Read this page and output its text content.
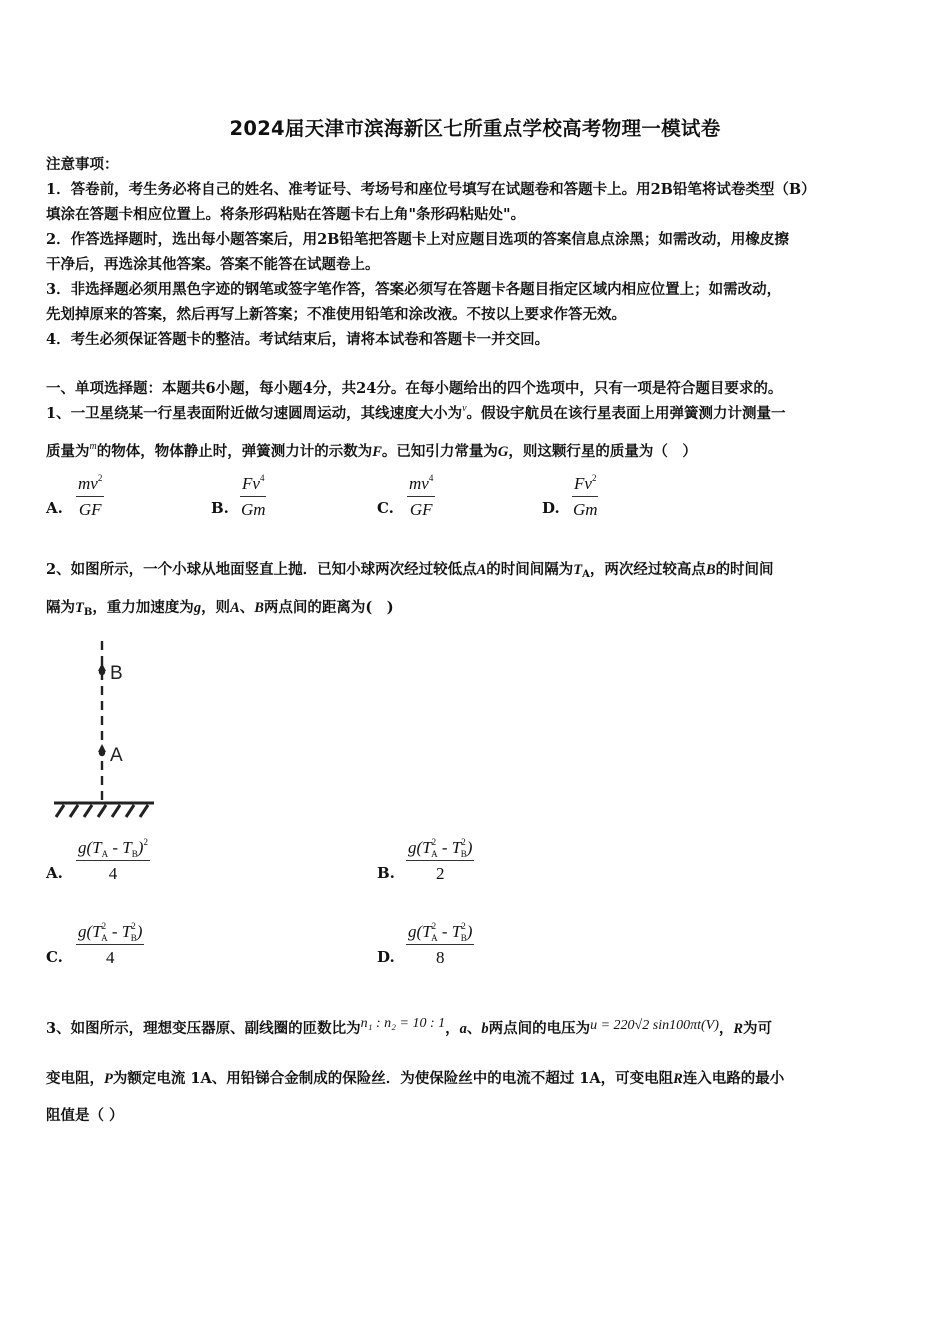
2024届天津市滨海新区七所重点学校高考物理一模试卷
注意事项：
1．答卷前，考生务必将自己的姓名、准考证号、考场号和座位号填写在试题卷和答题卡上。用2B铅笔将试卷类型（B）
填涂在答题卡相应位置上。将条形码粘贴在答题卡右上角"条形码粘贴处"。
2．作答选择题时，选出每小题答案后，用2B铅笔把答题卡上对应题目选项的答案信息点涂黑；如需改动，用橡皮擦
干净后，再选涂其他答案。答案不能答在试题卷上。
3．非选择题必须用黑色字迹的钢笔或签字笔作答，答案必须写在答题卡各题目指定区域内相应位置上；如需改动，
先划掉原来的答案，然后再写上新答案；不准使用铅笔和涂改液。不按以上要求作答无效。
4．考生必须保证答题卡的整洁。考试结束后，请将本试卷和答题卡一并交回。
一、单项选择题：本题共6小题，每小题4分，共24分。在每小题给出的四个选项中，只有一项是符合题目要求的。
1、一卫星绕某一行星表面附近做匀速圆周运动，其线速度大小为$^v$。假设宇航员在该行星表面上用弹簧测力计测量一
质量为$^m$的物体，物体静止时，弹簧测力计的示数为F。已知引力常量为G，则这颗行星的质量为（　）
A. $\frac{mv^2}{GF}$	B. $\frac{Fv^4}{Gm}$	C. $\frac{mv^4}{GF}$	D. $\frac{Fv^2}{Gm}$
2、如图所示，一个小球从地面竖直上抛．已知小球两次经过较低点A的时间间隔为$T_A$，两次经过较高点B的时间间
隔为$T_B$，重力加速度为g，则A、B两点间的距离为(　)
B
A
A. $\frac{g(T_A - T_B)^2}{4}$	B. $\frac{g(T^2_A - T^2_B)}{2}$
C. $\frac{g(T^2_A - T^2_B)}{4}$	D. $\frac{g(T^2_A - T^2_B)}{8}$
3、如图所示，理想变压器原、副线圈的匝数比为n₁ : n₂ = 10 : 1，a、b两点间的电压为u = 220√2 sin100πt(V)，R为可
变电阻，P为额定电流 1A、用铅锑合金制成的保险丝．为使保险丝中的电流不超过 1A，可变电阻R连入电路的最小
阻值是（ ）
